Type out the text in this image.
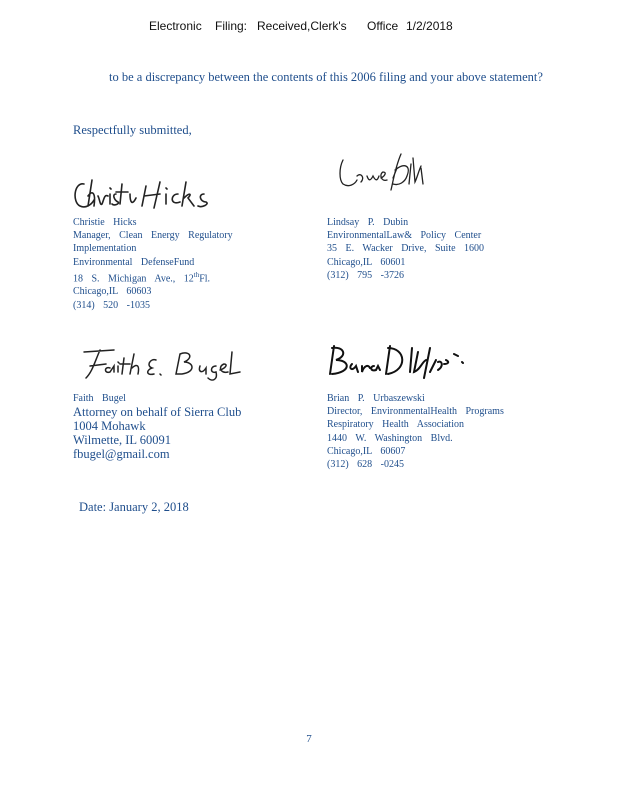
Electronic Filing: Received,Clerk's Office 1/2/2018
to be a discrepancy between the contents of this 2006 filing and your above statement?
Respectfully submitted,
Christie Hicks
Manager, Clean Energy Regulatory
Implementation
Environmental DefenseFund
18 S. Michigan Ave., 12thFl.
Chicago,IL 60603
(314) 520 -1035
Lindsay P. Dubin
EnvironmentalLaw& Policy Center
35 E. Wacker Drive, Suite 1600
Chicago,IL 60601
(312) 795 -3726
Faith Bugel
Attorney on behalf of Sierra Club
1004 Mohawk
Wilmette, IL 60091
fbugel@gmail.com
Brian P. Urbaszewski
Director, EnvironmentalHealth Programs
Respiratory Health Association
1440 W. Washington Blvd.
Chicago,IL 60607
(312) 628 -0245
Date: January 2, 2018
7
